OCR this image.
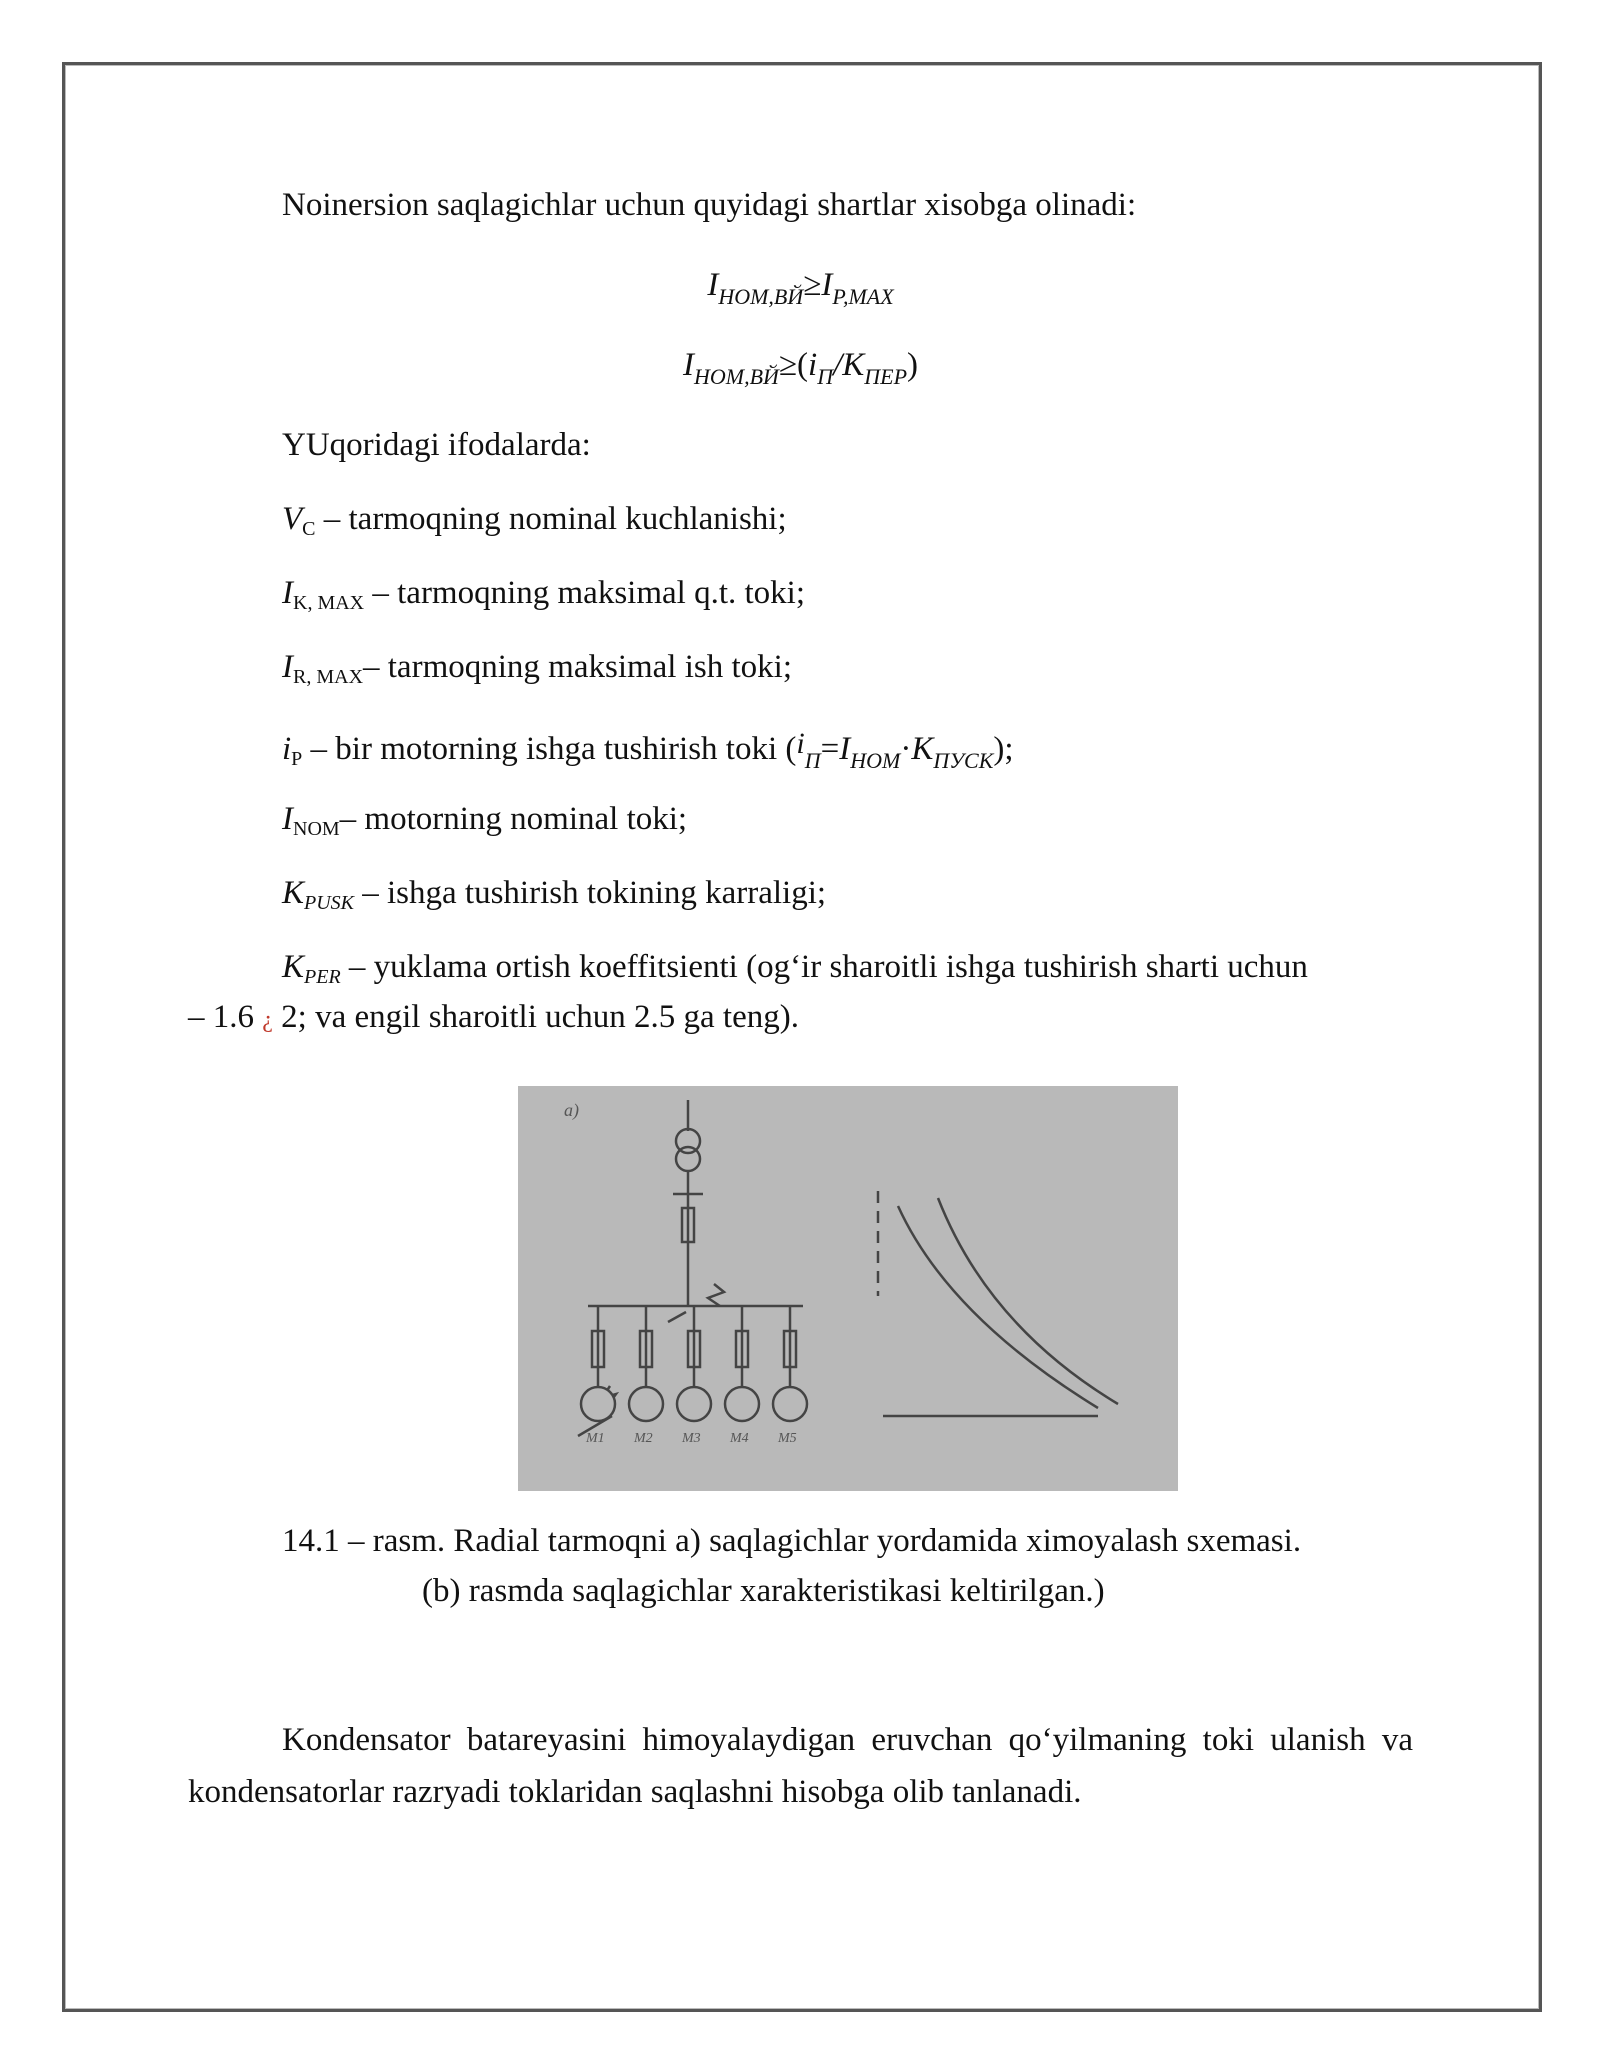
Noinersion saqlagichlar uchun quyidagi shartlar xisobga olinadi:

$I_{НОМ,ВЙ}\ge I_{P,MAX}$
$I_{НОМ,ВЙ}\ge(i_П/K_{ПЕР})$
YUqoridagi ifodalarda:
$V_C$ – tarmoqning nominal kuchlanishi;
$I_{K, MAX}$ – tarmoqning maksimal q.t. toki;
$I_{R, MAX}-$ tarmoqning maksimal ish toki;
$i_P$ – bir motorning ishga tushirish toki $(i_П=I_{НОМ}\cdot K_{ПУСК})$;
$I_{NOM}-$ motorning nominal toki;
$K_{PUSK}$ – ishga tushirish tokining karraligi;
$K_{PER}$ – yuklama ortish koeffitsienti (og‘ir sharoitli ishga tushirish sharti uchun
– 1.6 ¿ 2; va engil sharoitli uchun 2.5 ga teng).
a)
M1 M2 M3 M4 M5
14.1 – rasm. Radial tarmoqni a) saqlagichlar yordamida ximoyalash sxemasi.
(b) rasmda saqlagichlar xarakteristikasi keltirilgan.)

Kondensator batareyasini himoyalaydigan eruvchan qo‘yilmaning toki ulanish va kondensatorlar razryadi toklaridan saqlashni hisobga olib tanlanadi.
